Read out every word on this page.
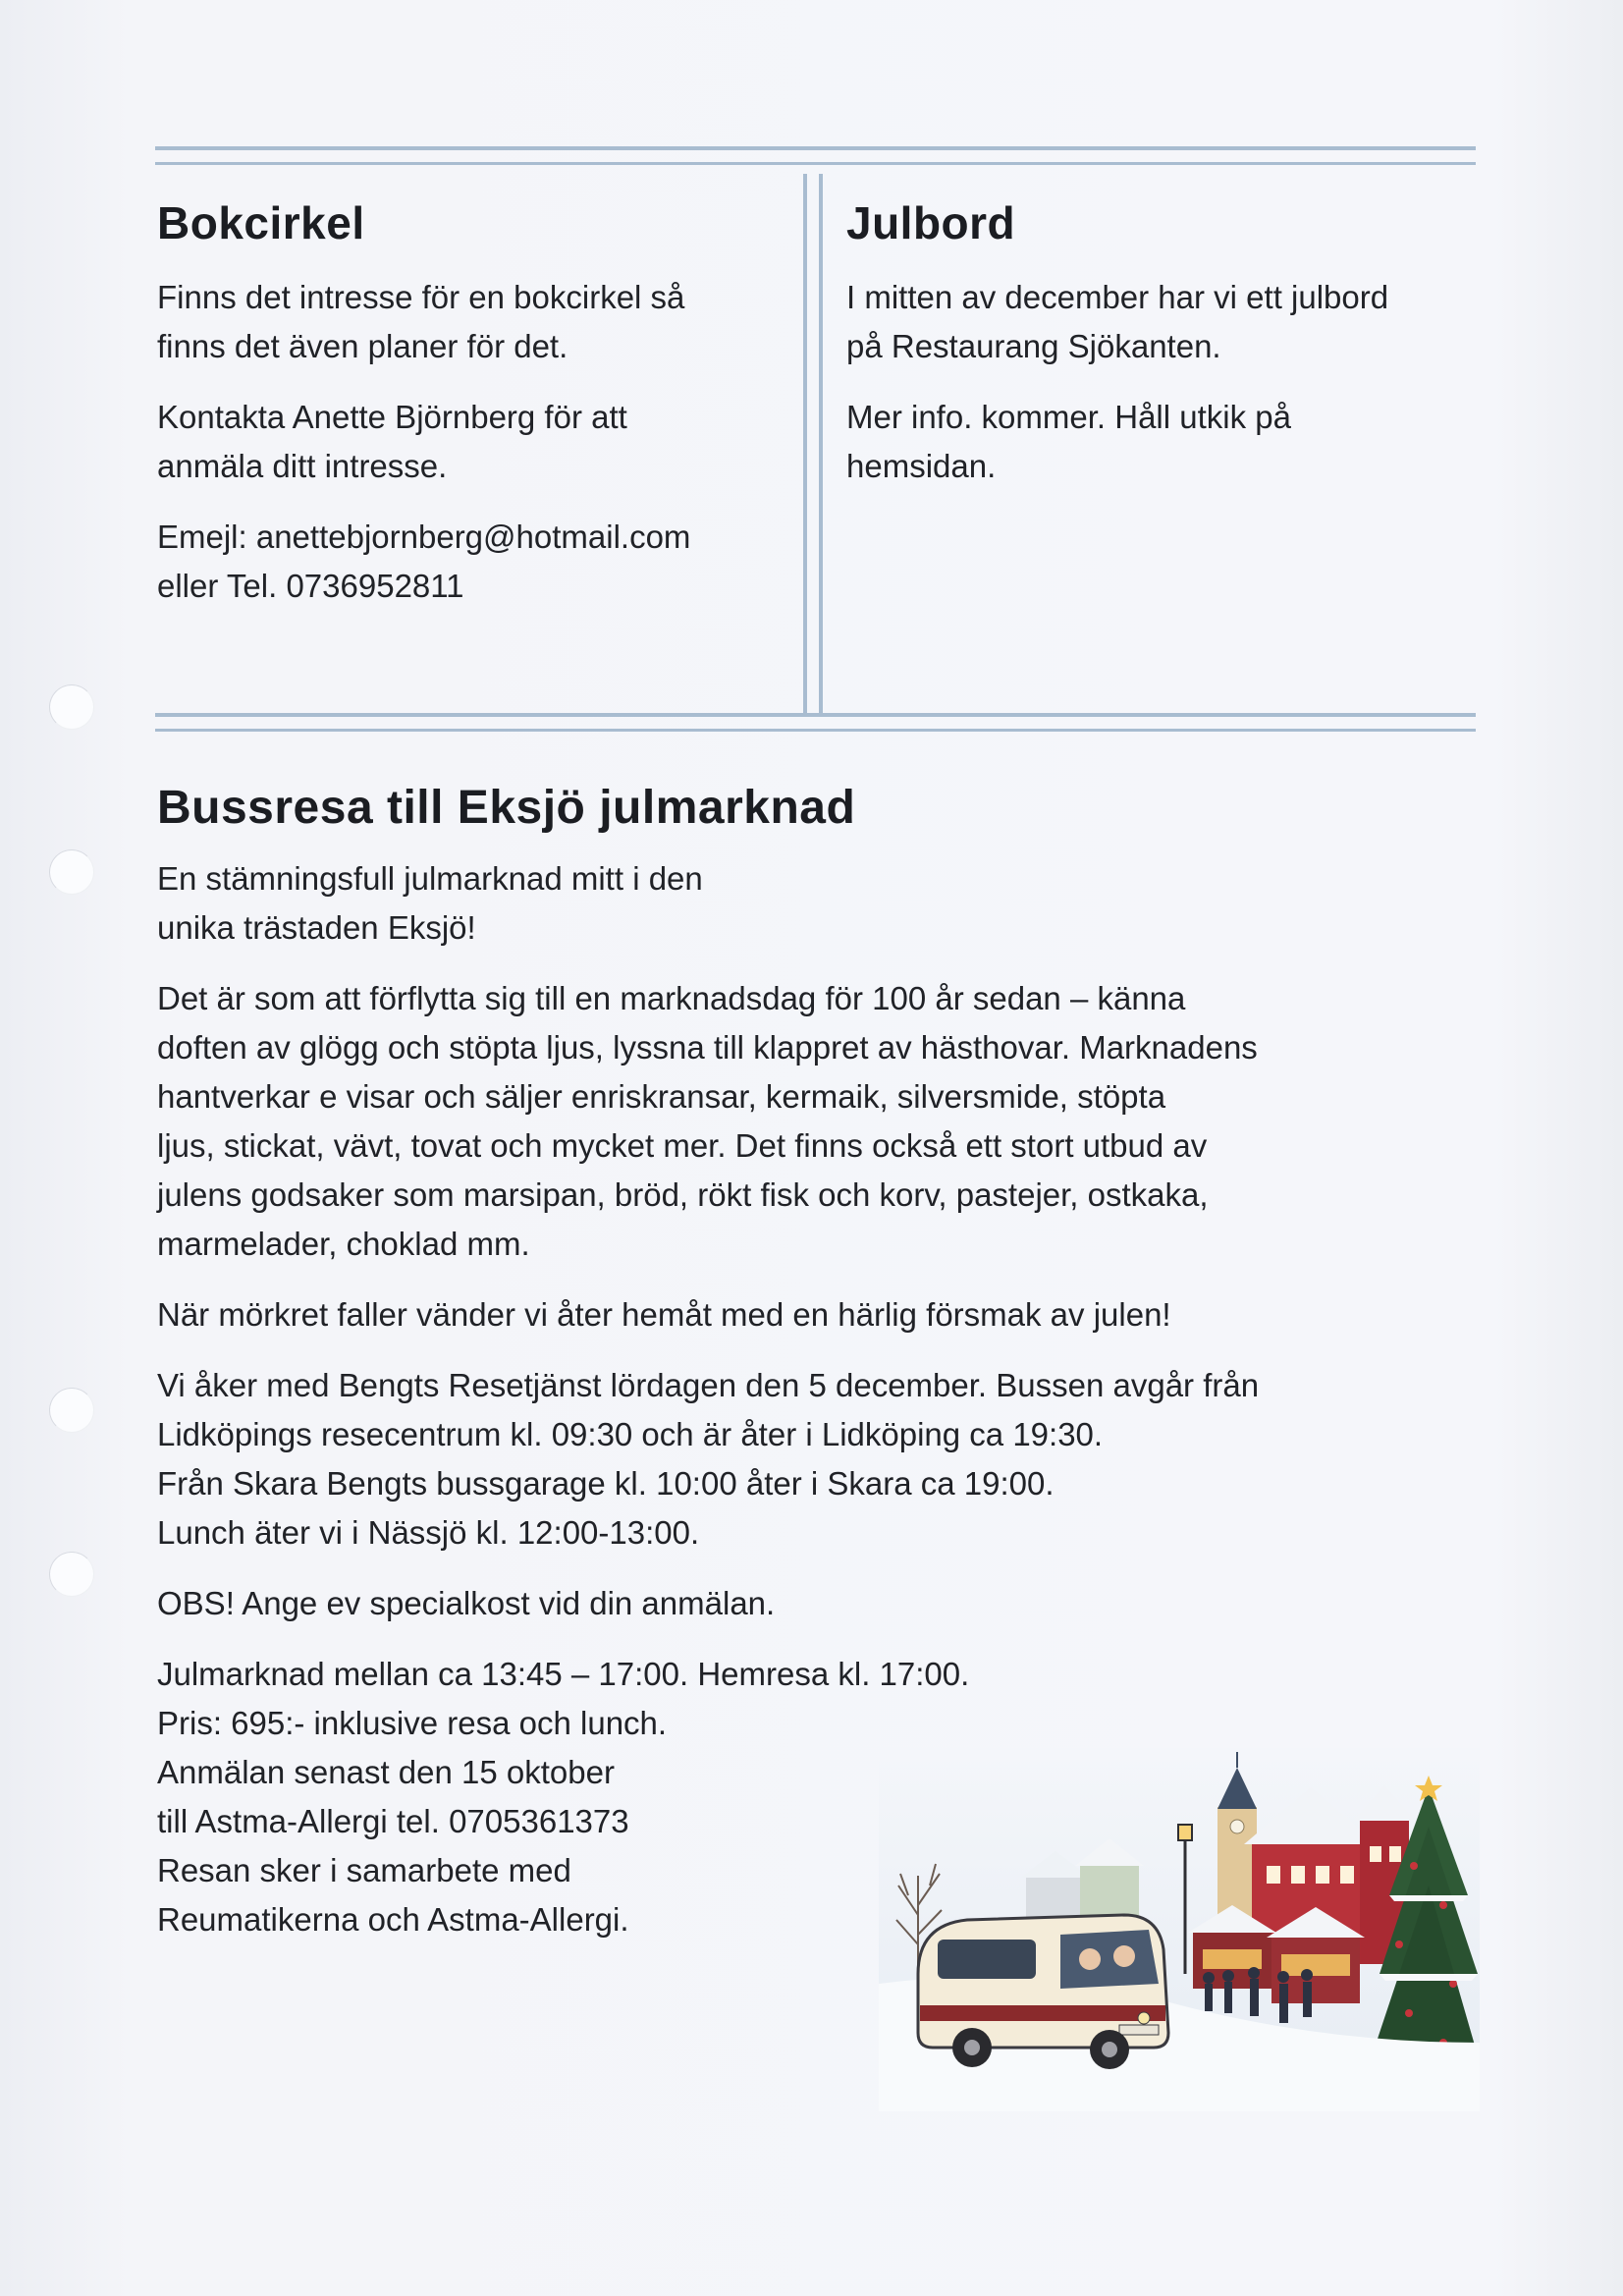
Bokcirkel

Finns det intresse för en bokcirkel så
finns det även planer för det.

Kontakta Anette Björnberg för att
anmäla ditt intresse.

Emejl: anettebjornberg@hotmail.com
eller Tel. 0736952811

Julbord

I mitten av december har vi ett julbord
på Restaurang Sjökanten.

Mer info. kommer. Håll utkik på
hemsidan.

Bussresa till Eksjö julmarknad

En stämningsfull julmarknad mitt i den
unika trästaden Eksjö!

Det är som att förflytta sig till en marknadsdag för 100 år sedan – känna
doften av glögg och stöpta ljus, lyssna till klappret av hästhovar. Marknadens
hantverkar e visar och säljer enriskransar, kermaik, silversmide, stöpta
ljus, stickat, vävt, tovat och mycket mer. Det finns också ett stort utbud av
julens godsaker som marsipan, bröd, rökt fisk och korv, pastejer, ostkaka,
marmelader, choklad mm.

När mörkret faller vänder vi åter hemåt med en härlig försmak av julen!

Vi åker med Bengts Resetjänst lördagen den 5 december. Bussen avgår från
Lidköpings resecentrum kl. 09:30 och är åter i Lidköping ca 19:30.
Från Skara Bengts bussgarage kl. 10:00 åter i Skara ca 19:00.
Lunch äter vi i Nässjö kl. 12:00-13:00.

OBS! Ange ev specialkost vid din anmälan.

Julmarknad mellan ca 13:45 – 17:00. Hemresa kl. 17:00.
Pris: 695:- inklusive resa och lunch.
Anmälan senast den 15 oktober
till Astma-Allergi tel. 0705361373
Resan sker i samarbete med
Reumatikerna och Astma-Allergi.
